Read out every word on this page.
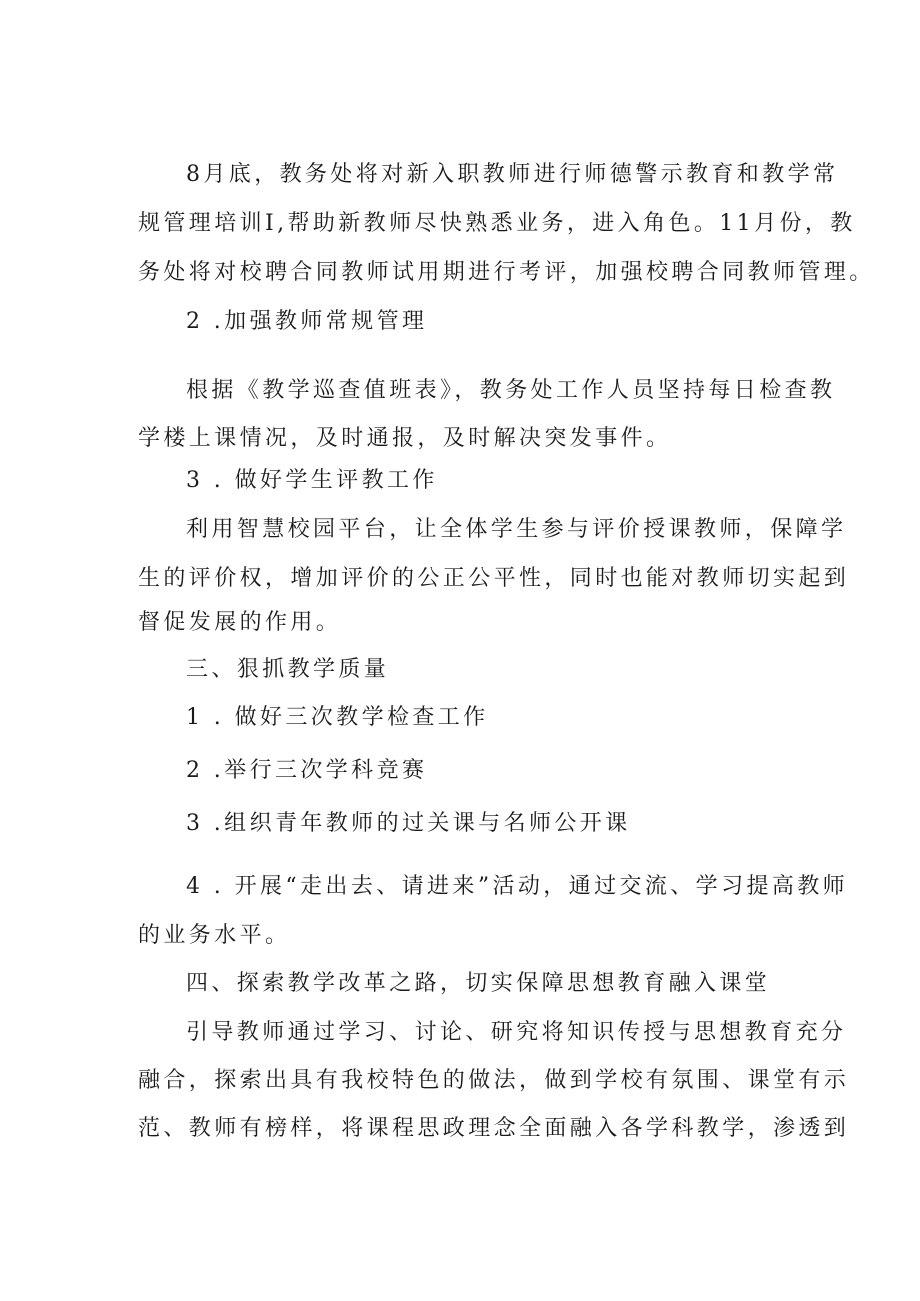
8月底，教务处将对新入职教师进行师德警示教育和教学常
规管理培训I,帮助新教师尽快熟悉业务，进入角色。11月份，教
务处将对校聘合同教师试用期进行考评，加强校聘合同教师管理。
2 .加强教师常规管理
根据《教学巡查值班表》，教务处工作人员坚持每日检查教
学楼上课情况，及时通报，及时解决突发事件。
3 . 做好学生评教工作
利用智慧校园平台，让全体学生参与评价授课教师，保障学
生的评价权，增加评价的公正公平性，同时也能对教师切实起到
督促发展的作用。
三、狠抓教学质量
1 . 做好三次教学检查工作
2 .举行三次学科竞赛
3 .组织青年教师的过关课与名师公开课
4 . 开展“走出去、请进来”活动，通过交流、学习提高教师
的业务水平。
四、探索教学改革之路，切实保障思想教育融入课堂
引导教师通过学习、讨论、研究将知识传授与思想教育充分
融合，探索出具有我校特色的做法，做到学校有氛围、课堂有示
范、教师有榜样，将课程思政理念全面融入各学科教学，渗透到
